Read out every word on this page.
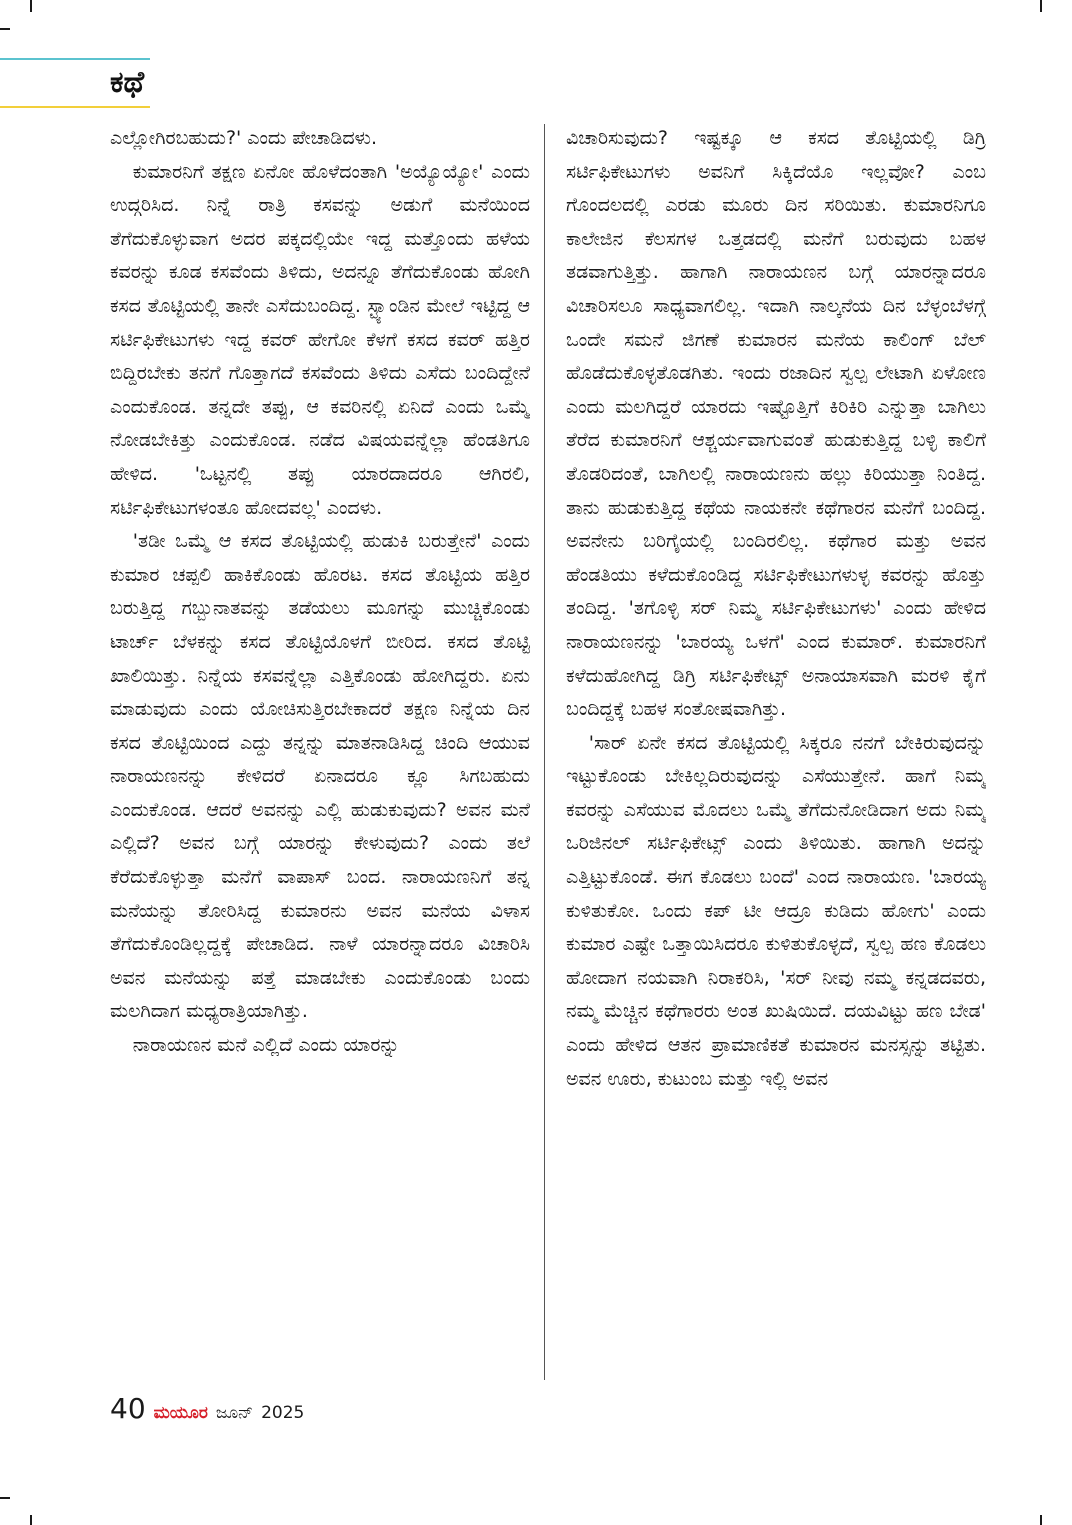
ಕಥೆ

ಎಲ್ಲೋಗಿರಬಹುದು?' ಎಂದು ಪೇಚಾಡಿದಳು.

ಕುಮಾರನಿಗೆ ತಕ್ಷಣ ಏನೋ ಹೊಳೆದಂತಾಗಿ 'ಅಯ್ಯೊಯ್ಯೋ' ಎಂದು ಉದ್ಗರಿಸಿದ. ನಿನ್ನೆ ರಾತ್ರಿ ಕಸವನ್ನು ಅಡುಗೆ ಮನೆಯಿಂದ ತೆಗೆದುಕೊಳ್ಳುವಾಗ ಅದರ ಪಕ್ಕದಲ್ಲಿಯೇ ಇದ್ದ ಮತ್ತೊಂದು ಹಳೆಯ ಕವರನ್ನು ಕೂಡ ಕಸವೆಂದು ತಿಳಿದು, ಅದನ್ನೂ ತೆಗೆದುಕೊಂಡು ಹೋಗಿ ಕಸದ ತೊಟ್ಟಿಯಲ್ಲಿ ತಾನೇ ಎಸೆದುಬಂದಿದ್ದ. ಸ್ಟ್ಯಾಂಡಿನ ಮೇಲೆ ಇಟ್ಟಿದ್ದ ಆ ಸರ್ಟಿಫಿಕೇಟುಗಳು ಇದ್ದ ಕವರ್ ಹೇಗೋ ಕೆಳಗೆ ಕಸದ ಕವರ್ ಹತ್ತಿರ ಬಿದ್ದಿರಬೇಕು ತನಗೆ ಗೊತ್ತಾಗದೆ ಕಸವೆಂದು ತಿಳಿದು ಎಸೆದು ಬಂದಿದ್ದೇನೆ ಎಂದುಕೊಂಡ. ತನ್ನದೇ ತಪ್ಪು, ಆ ಕವರಿನಲ್ಲಿ ಏನಿದೆ ಎಂದು ಒಮ್ಮೆ ನೋಡಬೇಕಿತ್ತು ಎಂದುಕೊಂಡ. ನಡೆದ ವಿಷಯವನ್ನೆಲ್ಲಾ ಹೆಂಡತಿಗೂ ಹೇಳಿದ. 'ಒಟ್ಟನಲ್ಲಿ ತಪ್ಪು ಯಾರದಾದರೂ ಆಗಿರಲಿ, ಸರ್ಟಿಫಿಕೇಟುಗಳಂತೂ ಹೋದವಲ್ಲ' ಎಂದಳು.

'ತಡೀ ಒಮ್ಮೆ ಆ ಕಸದ ತೊಟ್ಟಿಯಲ್ಲಿ ಹುಡುಕಿ ಬರುತ್ತೇನೆ' ಎಂದು ಕುಮಾರ ಚಪ್ಪಲಿ ಹಾಕಿಕೊಂಡು ಹೊರಟ. ಕಸದ ತೊಟ್ಟಿಯ ಹತ್ತಿರ ಬರುತ್ತಿದ್ದ ಗಬ್ಬುನಾತವನ್ನು ತಡೆಯಲು ಮೂಗನ್ನು ಮುಚ್ಚಿಕೊಂಡು ಟಾರ್ಚ್ ಬೆಳಕನ್ನು ಕಸದ ತೊಟ್ಟಿಯೊಳಗೆ ಬೀರಿದ. ಕಸದ ತೊಟ್ಟಿ ಖಾಲಿಯಿತ್ತು. ನಿನ್ನೆಯ ಕಸವನ್ನೆಲ್ಲಾ ಎತ್ತಿಕೊಂಡು ಹೋಗಿದ್ದರು. ಏನು ಮಾಡುವುದು ಎಂದು ಯೋಚಿಸುತ್ತಿರಬೇಕಾದರೆ ತಕ್ಷಣ ನಿನ್ನೆಯ ದಿನ ಕಸದ ತೊಟ್ಟಿಯಿಂದ ಎದ್ದು ತನ್ನನ್ನು ಮಾತನಾಡಿಸಿದ್ದ ಚಿಂದಿ ಆಯುವ ನಾರಾಯಣನನ್ನು ಕೇಳಿದರೆ ಏನಾದರೂ ಕ್ಲೂ ಸಿಗಬಹುದು ಎಂದುಕೊಂಡ. ಆದರೆ ಅವನನ್ನು ಎಲ್ಲಿ ಹುಡುಕುವುದು? ಅವನ ಮನೆ ಎಲ್ಲಿದೆ? ಅವನ ಬಗ್ಗೆ ಯಾರನ್ನು ಕೇಳುವುದು? ಎಂದು ತಲೆ ಕೆರೆದುಕೊಳ್ಳುತ್ತಾ ಮನೆಗೆ ವಾಪಾಸ್ ಬಂದ. ನಾರಾಯಣನಿಗೆ ತನ್ನ ಮನೆಯನ್ನು ತೋರಿಸಿದ್ದ ಕುಮಾರನು ಅವನ ಮನೆಯ ವಿಳಾಸ ತೆಗೆದುಕೊಂಡಿಲ್ಲದ್ದಕ್ಕೆ ಪೇಚಾಡಿದ. ನಾಳೆ ಯಾರನ್ನಾದರೂ ವಿಚಾರಿಸಿ ಅವನ ಮನೆಯನ್ನು ಪತ್ತೆ ಮಾಡಬೇಕು ಎಂದುಕೊಂಡು ಬಂದು ಮಲಗಿದಾಗ ಮಧ್ಯರಾತ್ರಿಯಾಗಿತ್ತು.

ನಾರಾಯಣನ ಮನೆ ಎಲ್ಲಿದೆ ಎಂದು ಯಾರನ್ನು

ವಿಚಾರಿಸುವುದು? ಇಷ್ಟಕ್ಕೂ ಆ ಕಸದ ತೊಟ್ಟಿಯಲ್ಲಿ ಡಿಗ್ರಿ ಸರ್ಟಿಫಿಕೇಟುಗಳು ಅವನಿಗೆ ಸಿಕ್ಕಿದೆಯೊ ಇಲ್ಲವೋ? ಎಂಬ ಗೊಂದಲದಲ್ಲಿ ಎರಡು ಮೂರು ದಿನ ಸರಿಯಿತು. ಕುಮಾರನಿಗೂ ಕಾಲೇಜಿನ ಕೆಲಸಗಳ ಒತ್ತಡದಲ್ಲಿ ಮನೆಗೆ ಬರುವುದು ಬಹಳ ತಡವಾಗುತ್ತಿತ್ತು. ಹಾಗಾಗಿ ನಾರಾಯಣನ ಬಗ್ಗೆ ಯಾರನ್ನಾದರೂ ವಿಚಾರಿಸಲೂ ಸಾಧ್ಯವಾಗಲಿಲ್ಲ. ಇದಾಗಿ ನಾಲ್ಕನೆಯ ದಿನ ಬೆಳ್ಳಂಬೆಳಗ್ಗೆ ಒಂದೇ ಸಮನೆ ಜಿಗಣೆ ಕುಮಾರನ ಮನೆಯ ಕಾಲಿಂಗ್ ಬೆಲ್ ಹೊಡೆದುಕೊಳ್ಳತೊಡಗಿತು. ಇಂದು ರಜಾದಿನ ಸ್ವಲ್ಪ ಲೇಟಾಗಿ ಏಳೋಣ ಎಂದು ಮಲಗಿದ್ದರೆ ಯಾರದು ಇಷ್ಟೊತ್ತಿಗೆ ಕಿರಿಕಿರಿ ಎನ್ನುತ್ತಾ ಬಾಗಿಲು ತೆರೆದ ಕುಮಾರನಿಗೆ ಆಶ್ಚರ್ಯವಾಗುವಂತೆ ಹುಡುಕುತ್ತಿದ್ದ ಬಳ್ಳಿ ಕಾಲಿಗೆ ತೊಡರಿದಂತೆ, ಬಾಗಿಲಲ್ಲಿ ನಾರಾಯಣನು ಹಲ್ಲು ಕಿರಿಯುತ್ತಾ ನಿಂತಿದ್ದ. ತಾನು ಹುಡುಕುತ್ತಿದ್ದ ಕಥೆಯ ನಾಯಕನೇ ಕಥೆಗಾರನ ಮನೆಗೆ ಬಂದಿದ್ದ. ಅವನೇನು ಬರಿಗೈಯಲ್ಲಿ ಬಂದಿರಲಿಲ್ಲ. ಕಥೆಗಾರ ಮತ್ತು ಅವನ ಹೆಂಡತಿಯು ಕಳೆದುಕೊಂಡಿದ್ದ ಸರ್ಟಿಫಿಕೇಟುಗಳುಳ್ಳ ಕವರನ್ನು ಹೊತ್ತು ತಂದಿದ್ದ. 'ತಗೊಳ್ಳಿ ಸರ್ ನಿಮ್ಮ ಸರ್ಟಿಫಿಕೇಟುಗಳು' ಎಂದು ಹೇಳಿದ ನಾರಾಯಣನನ್ನು 'ಬಾರಯ್ಯ ಒಳಗೆ' ಎಂದ ಕುಮಾರ್. ಕುಮಾರನಿಗೆ ಕಳೆದುಹೋಗಿದ್ದ ಡಿಗ್ರಿ ಸರ್ಟಿಫಿಕೇಟ್ಸ್ ಅನಾಯಾಸವಾಗಿ ಮರಳಿ ಕೈಗೆ ಬಂದಿದ್ದಕ್ಕೆ ಬಹಳ ಸಂತೋಷವಾಗಿತ್ತು.

'ಸಾರ್ ಏನೇ ಕಸದ ತೊಟ್ಟಿಯಲ್ಲಿ ಸಿಕ್ಕರೂ ನನಗೆ ಬೇಕಿರುವುದನ್ನು ಇಟ್ಟುಕೊಂಡು ಬೇಕಿಲ್ಲದಿರುವುದನ್ನು ಎಸೆಯುತ್ತೇನೆ. ಹಾಗೆ ನಿಮ್ಮ ಕವರನ್ನು ಎಸೆಯುವ ಮೊದಲು ಒಮ್ಮೆ ತೆಗೆದುನೋಡಿದಾಗ ಅದು ನಿಮ್ಮ ಒರಿಜಿನಲ್ ಸರ್ಟಿಫಿಕೇಟ್ಸ್ ಎಂದು ತಿಳಿಯಿತು. ಹಾಗಾಗಿ ಅದನ್ನು ಎತ್ತಿಟ್ಟುಕೊಂಡೆ. ಈಗ ಕೊಡಲು ಬಂದೆ' ಎಂದ ನಾರಾಯಣ. 'ಬಾರಯ್ಯ ಕುಳಿತುಕೋ. ಒಂದು ಕಪ್ ಟೀ ಆದ್ರೂ ಕುಡಿದು ಹೋಗು' ಎಂದು ಕುಮಾರ ಎಷ್ಟೇ ಒತ್ತಾಯಿಸಿದರೂ ಕುಳಿತುಕೊಳ್ಳದೆ, ಸ್ವಲ್ಪ ಹಣ ಕೊಡಲು ಹೋದಾಗ ನಯವಾಗಿ ನಿರಾಕರಿಸಿ, 'ಸರ್ ನೀವು ನಮ್ಮ ಕನ್ನಡದವರು, ನಮ್ಮ ಮೆಚ್ಚಿನ ಕಥೆಗಾರರು ಅಂತ ಖುಷಿಯಿದೆ. ದಯವಿಟ್ಟು ಹಣ ಬೇಡ' ಎಂದು ಹೇಳಿದ ಆತನ ಪ್ರಾಮಾಣಿಕತೆ ಕುಮಾರನ ಮನಸ್ಸನ್ನು ತಟ್ಟಿತು. ಅವನ ಊರು, ಕುಟುಂಬ ಮತ್ತು ಇಲ್ಲಿ ಅವನ

40 ಮಯೂರ ಜೂನ್ 2025
